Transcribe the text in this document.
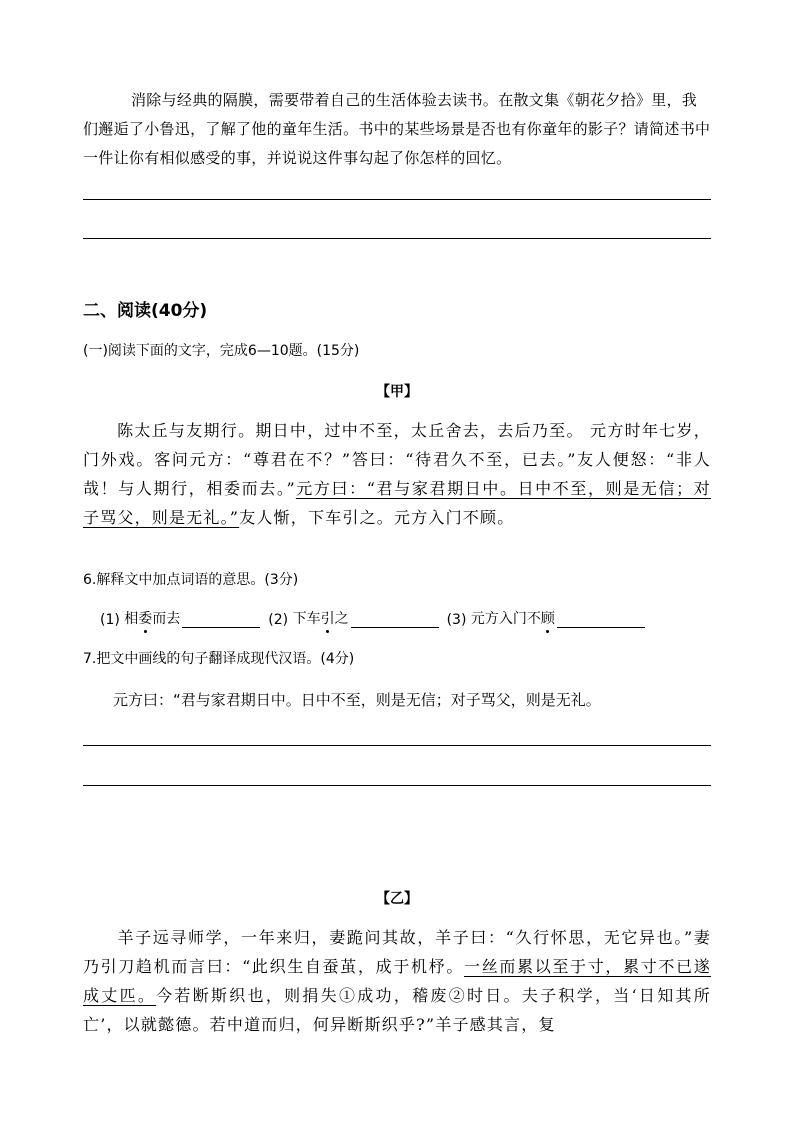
消除与经典的隔膜，需要带着自己的生活体验去读书。在散文集《朝花夕拾》里，我们邂逅了小鲁迅，了解了他的童年生活。书中的某些场景是否也有你童年的影子？请简述书中一件让你有相似感受的事，并说说这件事勾起了你怎样的回忆。
二、阅读(40分)
(一)阅读下面的文字，完成6—10题。(15分)
【甲】
陈太丘与友期行。期日中，过中不至，太丘舍去，去后乃至。 元方时年七岁，门外戏。客问元方：“尊君在不？”答曰：“待君久不至，已去。”友人便怒：“非人哉！与人期行，相委而去。”元方曰：“君与家君期日中。日中不至，则是无信；对子骂父，则是无礼。”友人惭，下车引之。元方入门不顾。
6.解释文中加点词语的意思。(3分)
(1)
相 委 而去	(2)
下车 引 之	(3)
元方入门不 顾
7.把文中画线的句子翻译成现代汉语。(4分)
元方曰：“君与家君期日中。日中不至，则是无信；对子骂父，则是无礼。
【乙】
羊子远寻师学，一年来归，妻跪问其故，羊子曰：“久行怀思，无它异也。”妻乃引刀趋机而言曰：“此织生自蚕茧，成于机杼。一丝而累以至于寸，累寸不已遂成丈匹。今若断斯织也，则捐失①成功，稽废②时日。夫子积学，当‘日知其所亡’，以就懿德。若中道而归，何异断斯织乎?”羊子感其言，复
